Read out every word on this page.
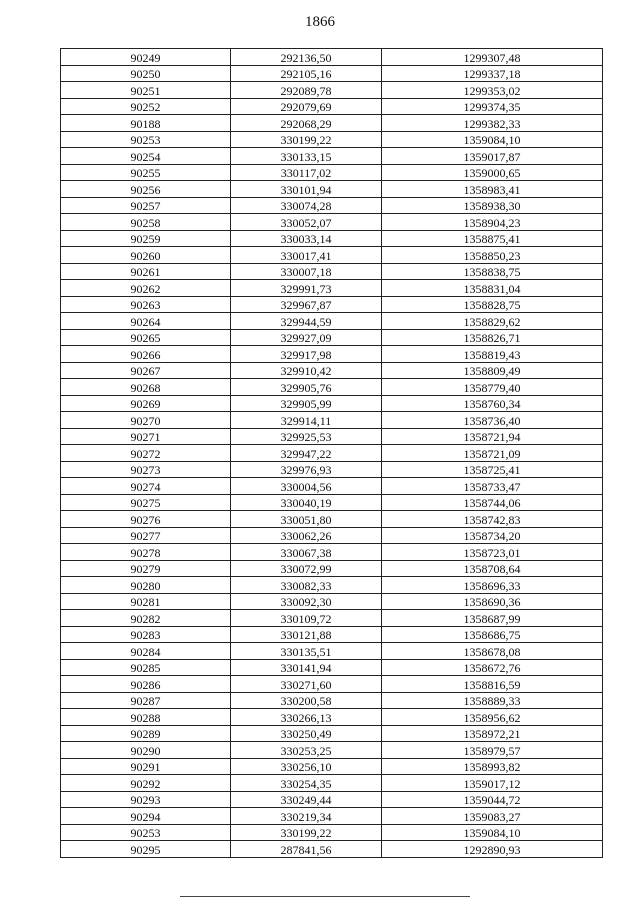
1866
90249	292136,50	1299307,48
90250	292105,16	1299337,18
90251	292089,78	1299353,02
90252	292079,69	1299374,35
90188	292068,29	1299382,33
90253	330199,22	1359084,10
90254	330133,15	1359017,87
90255	330117,02	1359000,65
90256	330101,94	1358983,41
90257	330074,28	1358938,30
90258	330052,07	1358904,23
90259	330033,14	1358875,41
90260	330017,41	1358850,23
90261	330007,18	1358838,75
90262	329991,73	1358831,04
90263	329967,87	1358828,75
90264	329944,59	1358829,62
90265	329927,09	1358826,71
90266	329917,98	1358819,43
90267	329910,42	1358809,49
90268	329905,76	1358779,40
90269	329905,99	1358760,34
90270	329914,11	1358736,40
90271	329925,53	1358721,94
90272	329947,22	1358721,09
90273	329976,93	1358725,41
90274	330004,56	1358733,47
90275	330040,19	1358744,06
90276	330051,80	1358742,83
90277	330062,26	1358734,20
90278	330067,38	1358723,01
90279	330072,99	1358708,64
90280	330082,33	1358696,33
90281	330092,30	1358690,36
90282	330109,72	1358687,99
90283	330121,88	1358686,75
90284	330135,51	1358678,08
90285	330141,94	1358672,76
90286	330271,60	1358816,59
90287	330200,58	1358889,33
90288	330266,13	1358956,62
90289	330250,49	1358972,21
90290	330253,25	1358979,57
90291	330256,10	1358993,82
90292	330254,35	1359017,12
90293	330249,44	1359044,72
90294	330219,34	1359083,27
90253	330199,22	1359084,10
90295	287841,56	1292890,93
